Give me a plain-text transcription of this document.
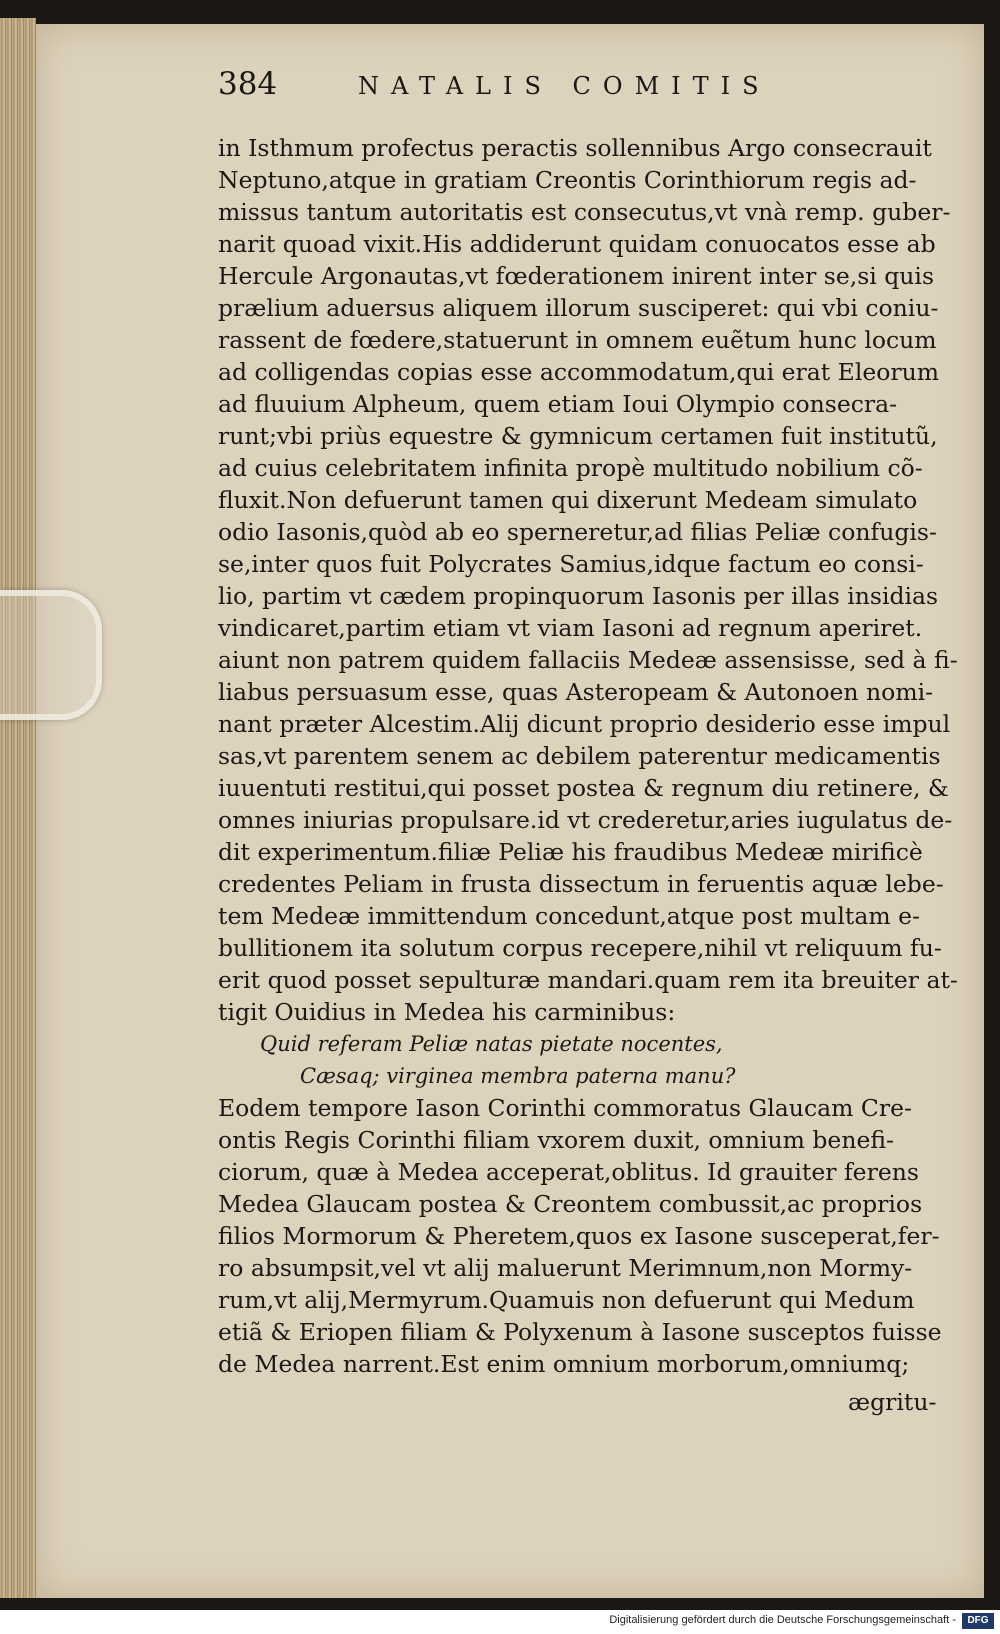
384	NATALIS COMITIS
in Isthmum profectus peractis sollennibus Argo consecrauit
Neptuno,atque in gratiam Creontis Corinthiorum regis ad-
missus tantum autoritatis est consecutus,vt vnà remp. guber-
narit quoad vixit.His addiderunt quidam conuocatos esse ab
Hercule Argonautas,vt fœderationem inirent inter se,si quis
prælium aduersus aliquem illorum susciperet: qui vbi coniu-
rassent de fœdere,statuerunt in omnem euẽtum hunc locum
ad colligendas copias esse accommodatum,qui erat Eleorum
ad fluuium Alpheum, quem etiam Ioui Olympio consecra-
runt;vbi priùs equestre & gymnicum certamen fuit institutũ,
ad cuius celebritatem infinita propè multitudo nobilium cõ-
fluxit.Non defuerunt tamen qui dixerunt Medeam simulato
odio Iasonis,quòd ab eo sperneretur,ad filias Peliæ confugis-
se,inter quos fuit Polycrates Samius,idque factum eo consi-
lio, partim vt cædem propinquorum Iasonis per illas insidias
vindicaret,partim etiam vt viam Iasoni ad regnum aperiret.
aiunt non patrem quidem fallaciis Medeæ assensisse, sed à fi-
liabus persuasum esse, quas Asteropeam & Autonoen nomi-
nant præter Alcestim.Alij dicunt proprio desiderio esse impul
sas,vt parentem senem ac debilem paterentur medicamentis
iuuentuti restitui,qui posset postea & regnum diu retinere, &
omnes iniurias propulsare.id vt crederetur,aries iugulatus de-
dit experimentum.filiæ Peliæ his fraudibus Medeæ mirificè
credentes Peliam in frusta dissectum in feruentis aquæ lebe-
tem Medeæ immittendum concedunt,atque post multam e-
bullitionem ita solutum corpus recepere,nihil vt reliquum fu-
erit quod posset sepulturæ mandari.quam rem ita breuiter at-
tigit Ouidius in Medea his carminibus:
Quid referam Peliæ natas pietate nocentes,
Cæsaq; virginea membra paterna manu?
Eodem tempore Iason Corinthi commoratus Glaucam Cre-
ontis Regis Corinthi filiam vxorem duxit, omnium benefi-
ciorum, quæ à Medea acceperat,oblitus. Id grauiter ferens
Medea Glaucam postea & Creontem combussit,ac proprios
filios Mormorum & Pheretem,quos ex Iasone susceperat,fer-
ro absumpsit,vel vt alij maluerunt Merimnum,non Mormy-
rum,vt alij,Mermyrum.Quamuis non defuerunt qui Medum
etiã & Eriopen filiam & Polyxenum à Iasone susceptos fuisse
de Medea narrent.Est enim omnium morborum,omniumq;
ægritu-
Digitalisierung gefördert durch die Deutsche Forschungsgemeinschaft -	DFG
